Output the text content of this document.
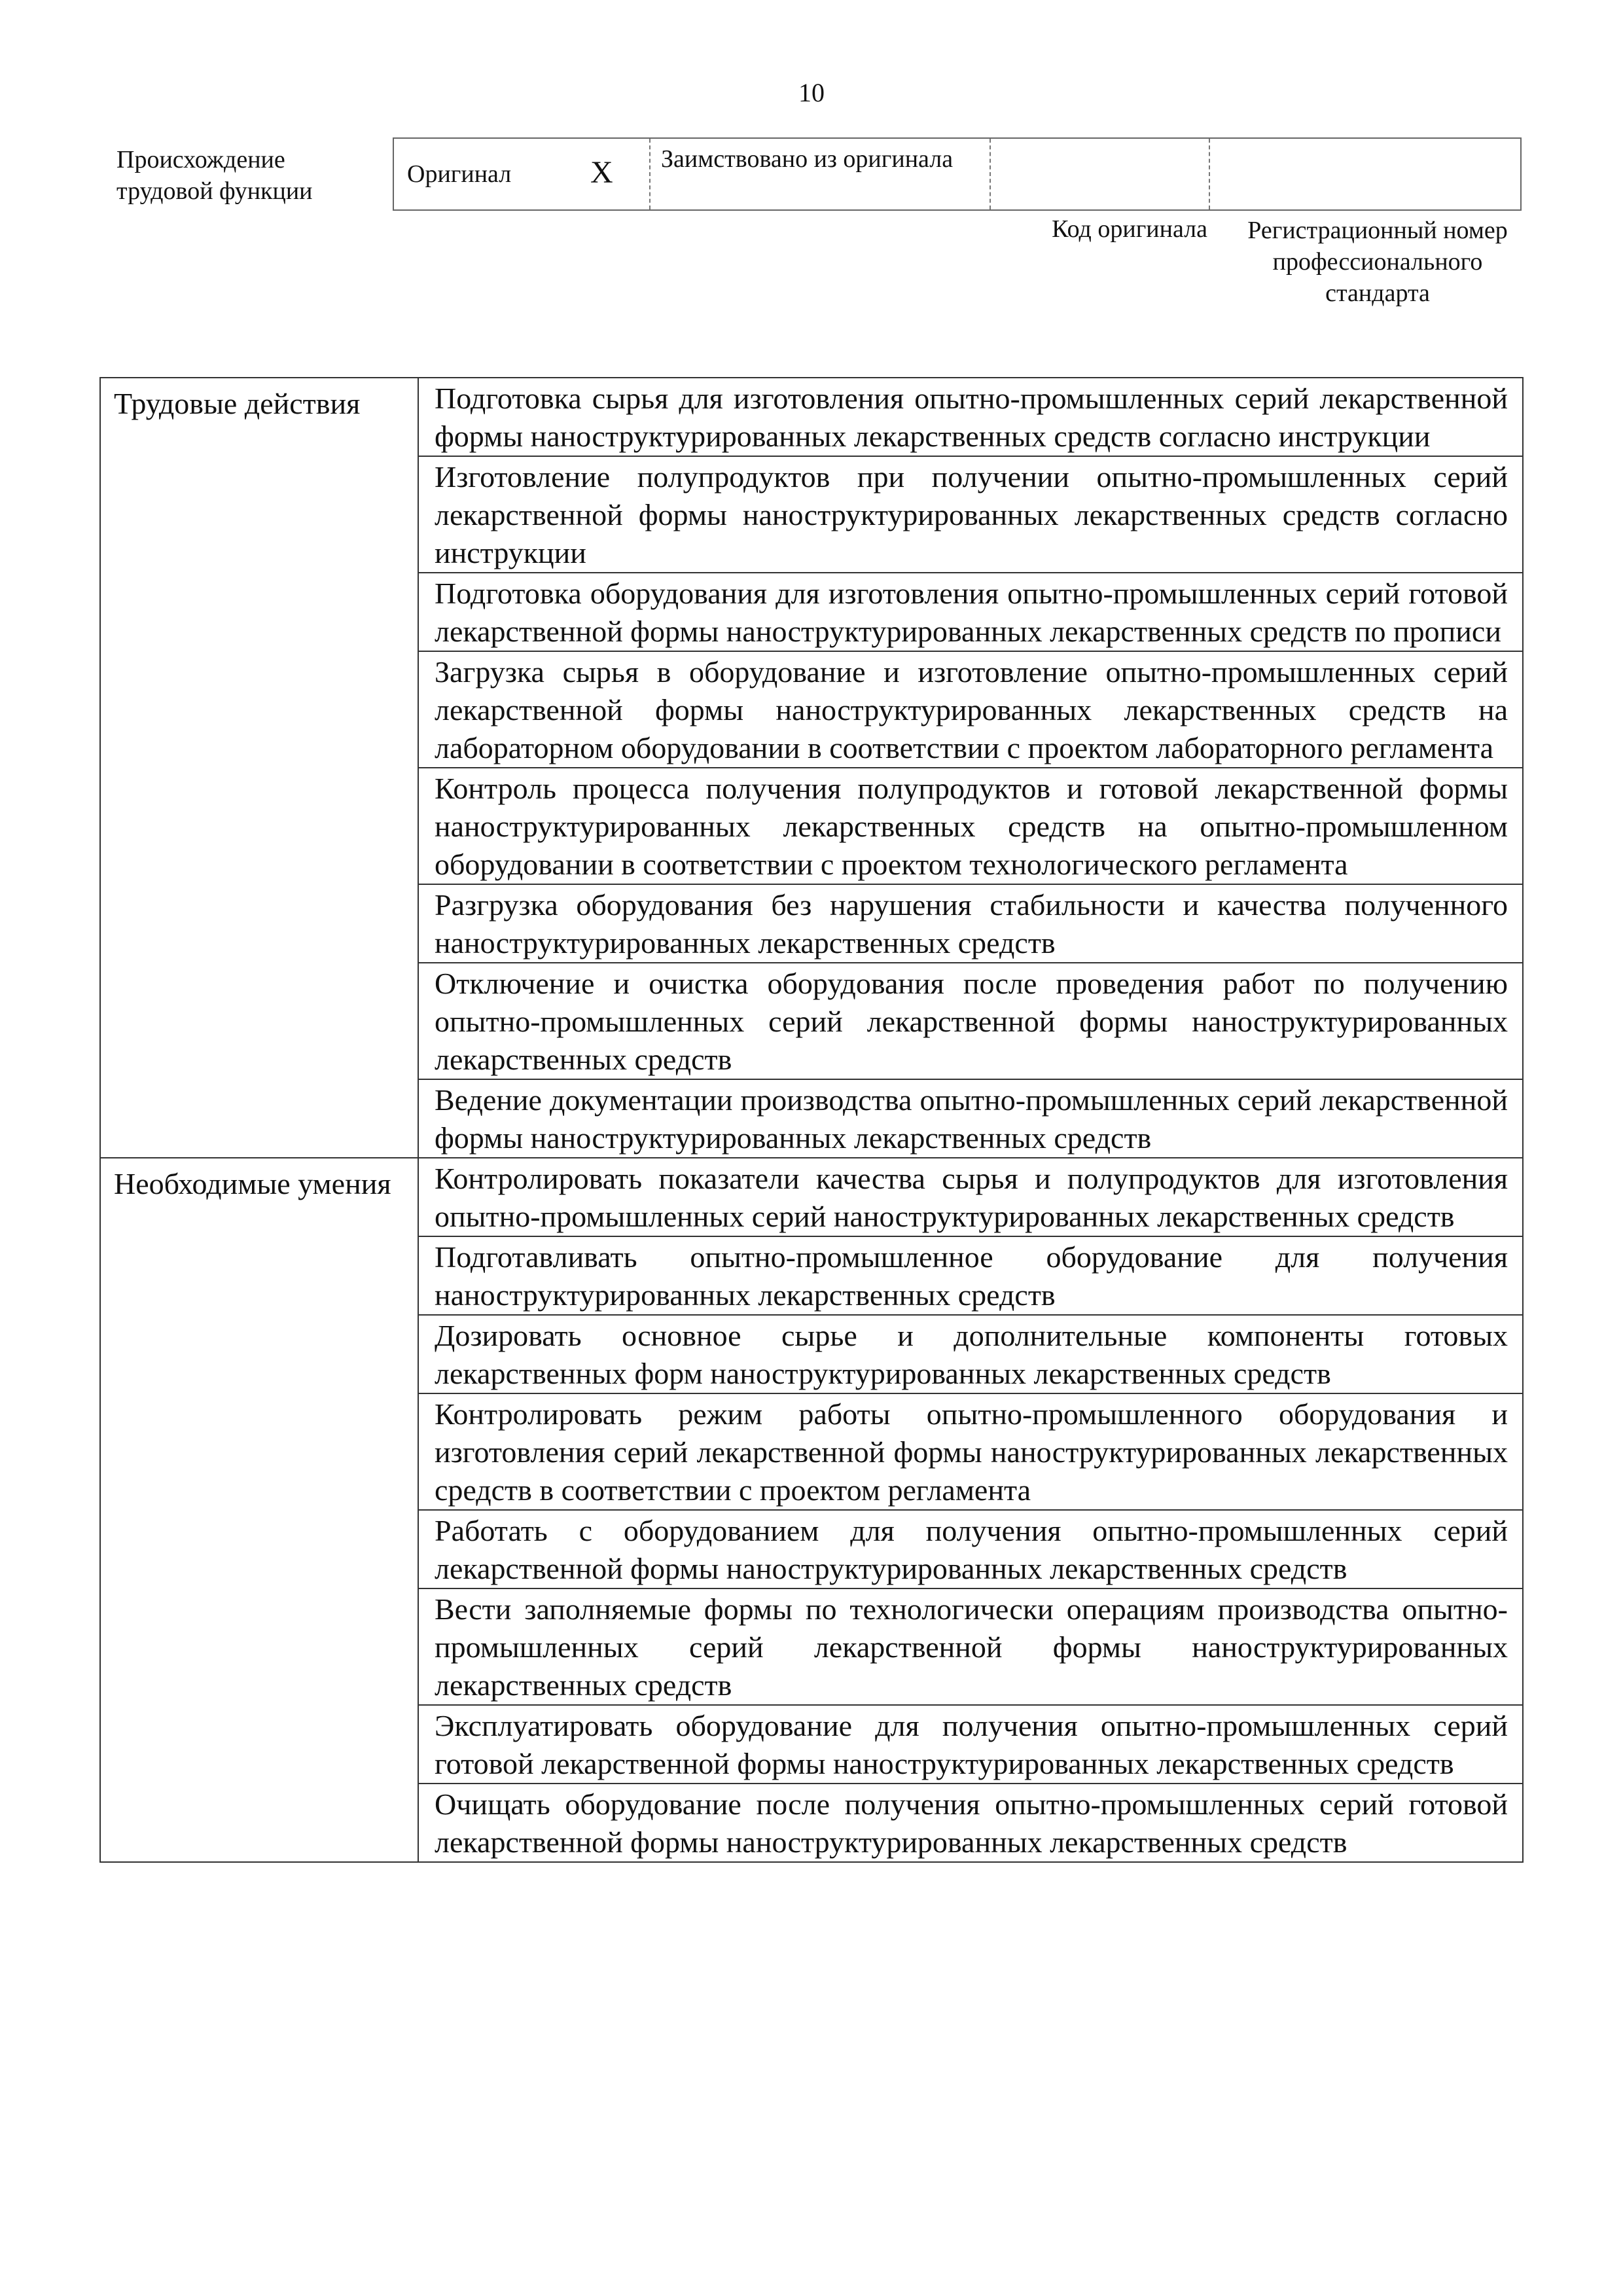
10
Происхождение трудовой функции
Оригинал	X	Заимствовано из оригинала
Код оригинала	Регистрационный номер профессионального стандарта
Трудовые действия	Подготовка сырья для изготовления опытно-промышленных серий лекарственной формы наноструктурированных лекарственных средств согласно инструкции
	Изготовление полупродуктов при получении опытно-промышленных серий лекарственной формы наноструктурированных лекарственных средств согласно инструкции
	Подготовка оборудования для изготовления опытно-промышленных серий готовой лекарственной формы наноструктурированных лекарственных средств по прописи
	Загрузка сырья в оборудование и изготовление опытно-промышленных серий лекарственной формы наноструктурированных лекарственных средств на лабораторном оборудовании в соответствии с проектом лабораторного регламента
	Контроль процесса получения полупродуктов и готовой лекарственной формы наноструктурированных лекарственных средств на опытно-промышленном оборудовании в соответствии с проектом технологического регламента
	Разгрузка оборудования без нарушения стабильности и качества полученного наноструктурированных лекарственных средств
	Отключение и очистка оборудования после проведения работ по получению опытно-промышленных серий лекарственной формы наноструктурированных лекарственных средств
	Ведение документации производства опытно-промышленных серий лекарственной формы наноструктурированных лекарственных средств
Необходимые умения	Контролировать показатели качества сырья и полупродуктов для изготовления опытно-промышленных серий наноструктурированных лекарственных средств
	Подготавливать опытно-промышленное оборудование для получения наноструктурированных лекарственных средств
	Дозировать основное сырье и дополнительные компоненты готовых лекарственных форм наноструктурированных лекарственных средств
	Контролировать режим работы опытно-промышленного оборудования и изготовления серий лекарственной формы наноструктурированных лекарственных средств в соответствии с проектом регламента
	Работать с оборудованием для получения опытно-промышленных серий лекарственной формы наноструктурированных лекарственных средств
	Вести заполняемые формы по технологически операциям производства опытно-промышленных серий лекарственной формы наноструктурированных лекарственных средств
	Эксплуатировать оборудование для получения опытно-промышленных серий готовой лекарственной формы наноструктурированных лекарственных средств
	Очищать оборудование после получения опытно-промышленных серий готовой лекарственной формы наноструктурированных лекарственных средств
